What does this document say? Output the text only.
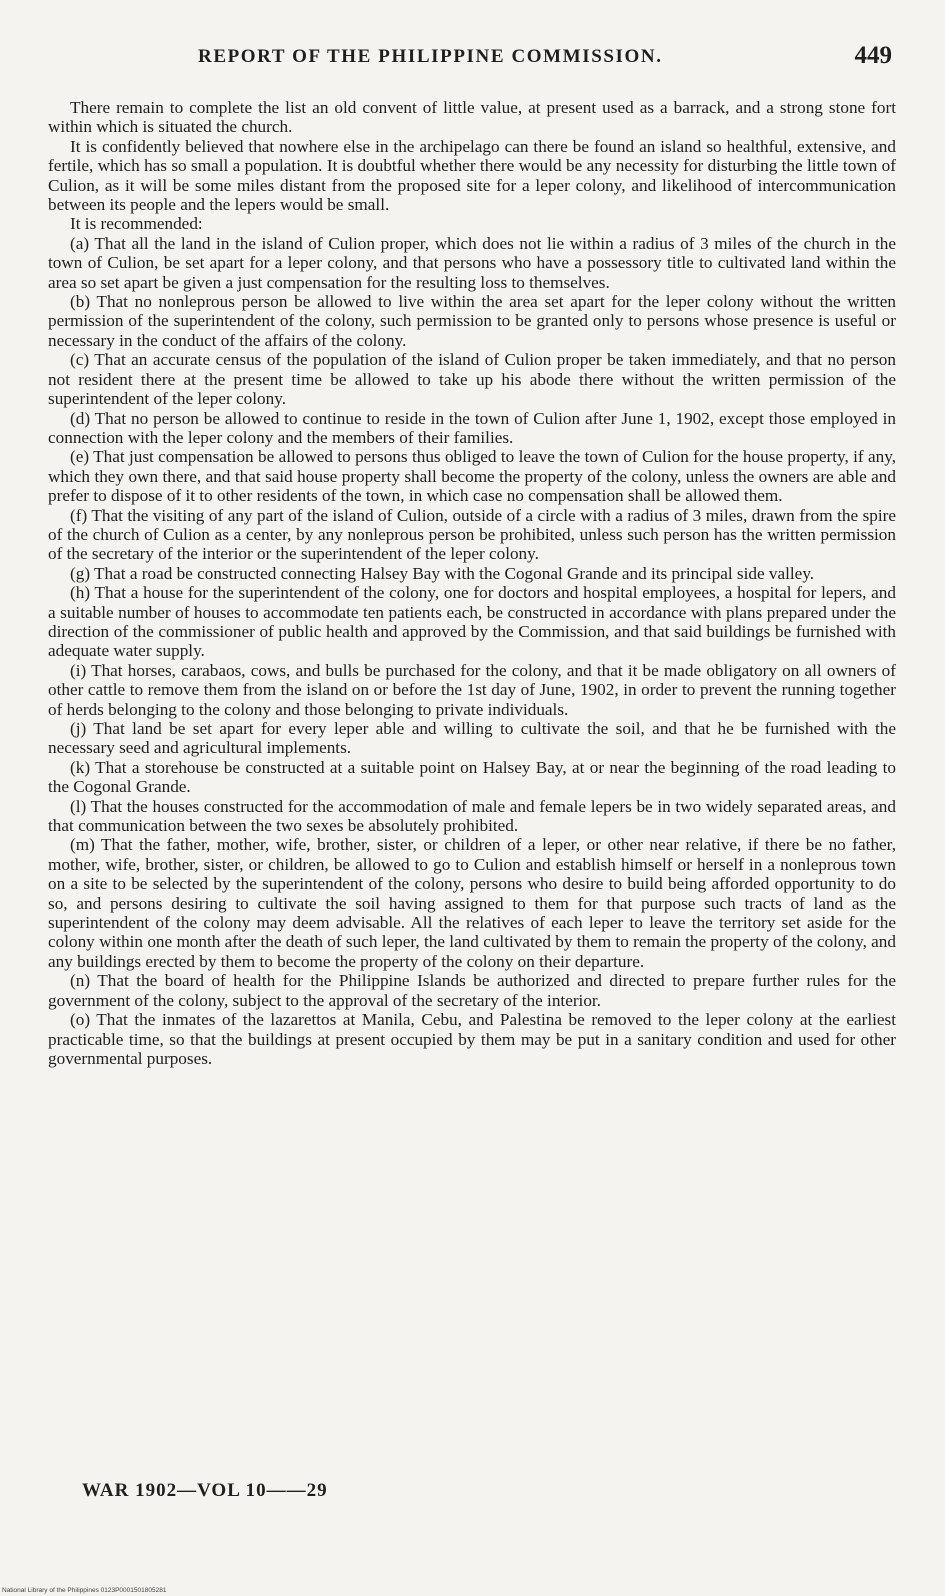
REPORT OF THE PHILIPPINE COMMISSION.	449

There remain to complete the list an old convent of little value, at present used as a barrack, and a strong stone fort within which is situated the church.

It is confidently believed that nowhere else in the archipelago can there be found an island so healthful, extensive, and fertile, which has so small a population. It is doubtful whether there would be any necessity for disturbing the little town of Culion, as it will be some miles distant from the proposed site for a leper colony, and likelihood of intercommunication between its people and the lepers would be small.

It is recommended:

(a) That all the land in the island of Culion proper, which does not lie within a radius of 3 miles of the church in the town of Culion, be set apart for a leper colony, and that persons who have a possessory title to cultivated land within the area so set apart be given a just compensation for the resulting loss to themselves.

(b) That no nonleprous person be allowed to live within the area set apart for the leper colony without the written permission of the superintendent of the colony, such permission to be granted only to persons whose presence is useful or necessary in the conduct of the affairs of the colony.

(c) That an accurate census of the population of the island of Culion proper be taken immediately, and that no person not resident there at the present time be allowed to take up his abode there without the written permission of the superintendent of the leper colony.

(d) That no person be allowed to continue to reside in the town of Culion after June 1, 1902, except those employed in connection with the leper colony and the members of their families.

(e) That just compensation be allowed to persons thus obliged to leave the town of Culion for the house property, if any, which they own there, and that said house property shall become the property of the colony, unless the owners are able and prefer to dispose of it to other residents of the town, in which case no compensation shall be allowed them.

(f) That the visiting of any part of the island of Culion, outside of a circle with a radius of 3 miles, drawn from the spire of the church of Culion as a center, by any nonleprous person be prohibited, unless such person has the written permission of the secretary of the interior or the superintendent of the leper colony.

(g) That a road be constructed connecting Halsey Bay with the Cogonal Grande and its principal side valley.

(h) That a house for the superintendent of the colony, one for doctors and hospital employees, a hospital for lepers, and a suitable number of houses to accommodate ten patients each, be constructed in accordance with plans prepared under the direction of the commissioner of public health and approved by the Commission, and that said buildings be furnished with adequate water supply.

(i) That horses, carabaos, cows, and bulls be purchased for the colony, and that it be made obligatory on all owners of other cattle to remove them from the island on or before the 1st day of June, 1902, in order to prevent the running together of herds belonging to the colony and those belonging to private individuals.

(j) That land be set apart for every leper able and willing to cultivate the soil, and that he be furnished with the necessary seed and agricultural implements.

(k) That a storehouse be constructed at a suitable point on Halsey Bay, at or near the beginning of the road leading to the Cogonal Grande.

(l) That the houses constructed for the accommodation of male and female lepers be in two widely separated areas, and that communication between the two sexes be absolutely prohibited.

(m) That the father, mother, wife, brother, sister, or children of a leper, or other near relative, if there be no father, mother, wife, brother, sister, or children, be allowed to go to Culion and establish himself or herself in a nonleprous town on a site to be selected by the superintendent of the colony, persons who desire to build being afforded opportunity to do so, and persons desiring to cultivate the soil having assigned to them for that purpose such tracts of land as the superintendent of the colony may deem advisable. All the relatives of each leper to leave the territory set aside for the colony within one month after the death of such leper, the land cultivated by them to remain the property of the colony, and any buildings erected by them to become the property of the colony on their departure.

(n) That the board of health for the Philippine Islands be authorized and directed to prepare further rules for the government of the colony, subject to the approval of the secretary of the interior.

(o) That the inmates of the lazarettos at Manila, Cebu, and Palestina be removed to the leper colony at the earliest practicable time, so that the buildings at present occupied by them may be put in a sanitary condition and used for other governmental purposes.

WAR 1902—VOL 10——29
National Library of the Philippines 0123P0001501805281
